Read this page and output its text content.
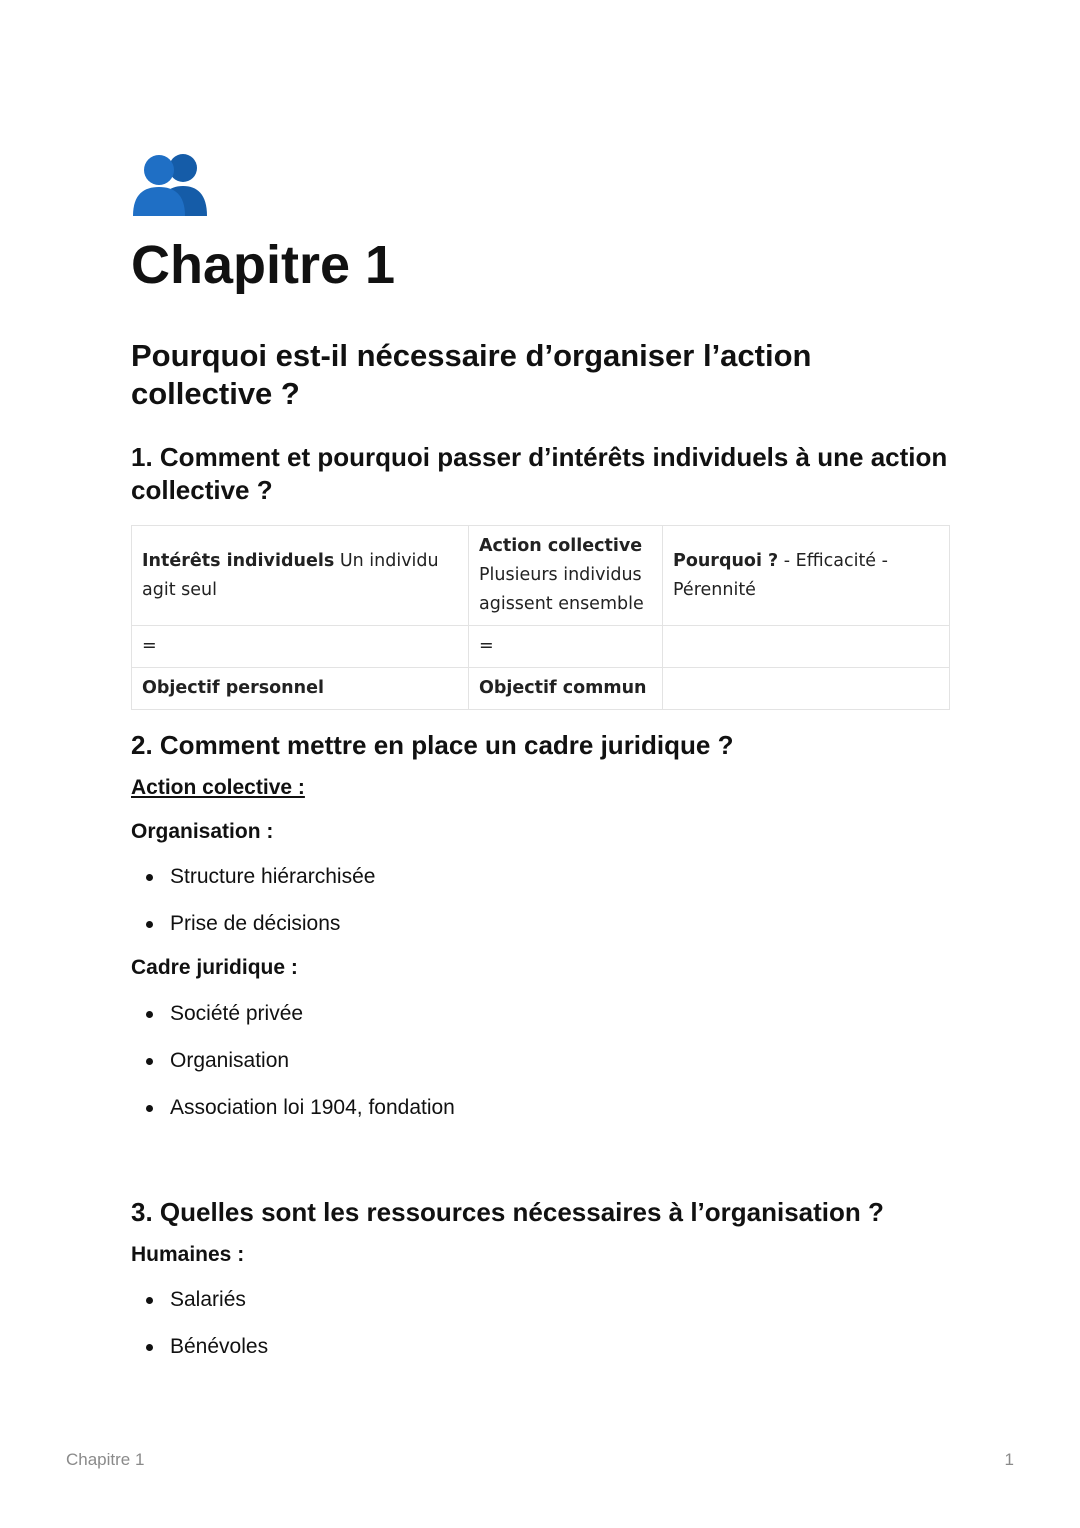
Chapitre 1
Pourquoi est-il nécessaire d’organiser l’action collective ?
1. Comment et pourquoi passer d’intérêts individuels à une action collective ?
Intérêts individuels Un individu agit seul	Action collective Plusieurs individus agissent ensemble	Pourquoi ? - Efficacité - Pérennité
=	=	
Objectif personnel	Objectif commun	
2. Comment mettre en place un cadre juridique ?

Action colective :

Organisation :

Structure hiérarchisée
Prise de décisions

Cadre juridique :

Société privée
Organisation
Association loi 1904, fondation
3. Quelles sont les ressources nécessaires à l’organisation ?

Humaines :

Salariés
Bénévoles
Chapitre 1	1
